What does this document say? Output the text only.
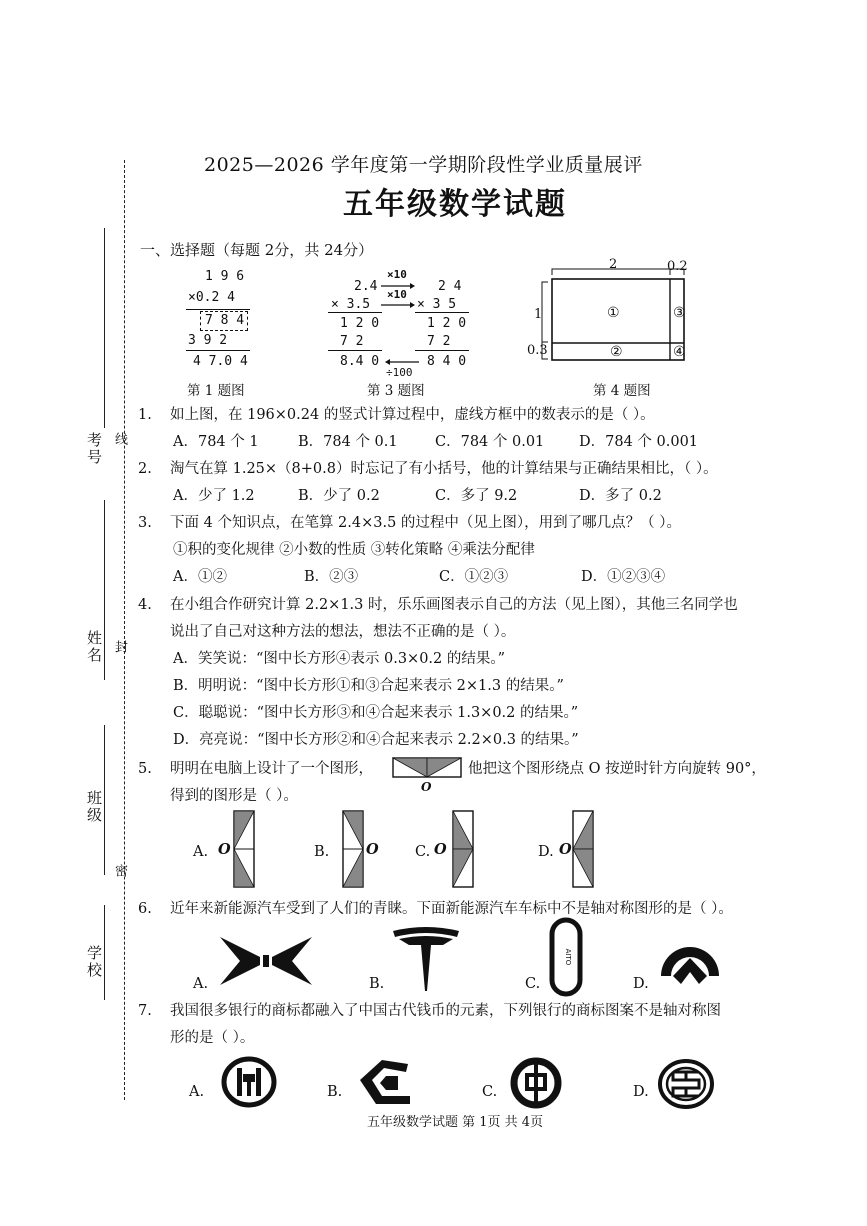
考号 线
姓名 封
班级
密
学校
2025—2026 学年度第一学期阶段性学业质量展评
五年级数学试题
一、选择题（每题 2分，共 24分）
1 9 6
×0.2 4
7 8 4
3 9 2
4 7.0 4
第 1 题图
2.4
× 3.5
1 2 0
7 2
8.4 0
×10
×10
2 4
× 3 5
1 2 0
7 2
8 4 0
÷100
第 3 题图
2	0.2
1
0.3
①
②
③
④
第 4 题图
1. 如上图，在 196×0.24 的竖式计算过程中，虚线方框中的数表示的是（ ）。
A．784 个 1	B．784 个 0.1	C．784 个 0.01 D．784 个 0.001
2. 淘气在算 1.25×（8+0.8）时忘记了有小括号，他的计算结果与正确结果相比，（ ）。
A．少了 1.2	B．少了 0.2	C．多了 9.2	D．多了 0.2
3. 下面 4 个知识点，在笔算 2.4×3.5 的过程中（见上图），用到了哪几点？（ ）。
①积的变化规律 ②小数的性质 ③转化策略 ④乘法分配律
A．①②	B．②③	C．①②③	D．①②③④
4. 在小组合作研究计算 2.2×1.3 时，乐乐画图表示自己的方法（见上图），其他三名同学也
说出了自己对这种方法的想法，想法不正确的是（ ）。
A．笑笑说：“图中长方形④表示 0.3×0.2 的结果。”
B．明明说：“图中长方形①和③合起来表示 2×1.3 的结果。”
C．聪聪说：“图中长方形③和④合起来表示 1.3×0.2 的结果。”
D．亮亮说：“图中长方形②和④合起来表示 2.2×0.3 的结果。”
5. 明明在电脑上设计了一个图形，
O
他把这个图形绕点 O 按逆时针方向旋转 90°，
得到的图形是（ ）。
A. O	B.	O	C. O	D. O
6. 近年来新能源汽车受到了人们的青睐。下面新能源汽车车标中不是轴对称图形的是（ ）。
A.	B.	C.
AITO
D.
7. 我国很多银行的商标都融入了中国古代钱币的元素，下列银行的商标图案不是轴对称图
形的是（ ）。
A.	B.	C.	D.
五年级数学试题 第 1页 共 4页
